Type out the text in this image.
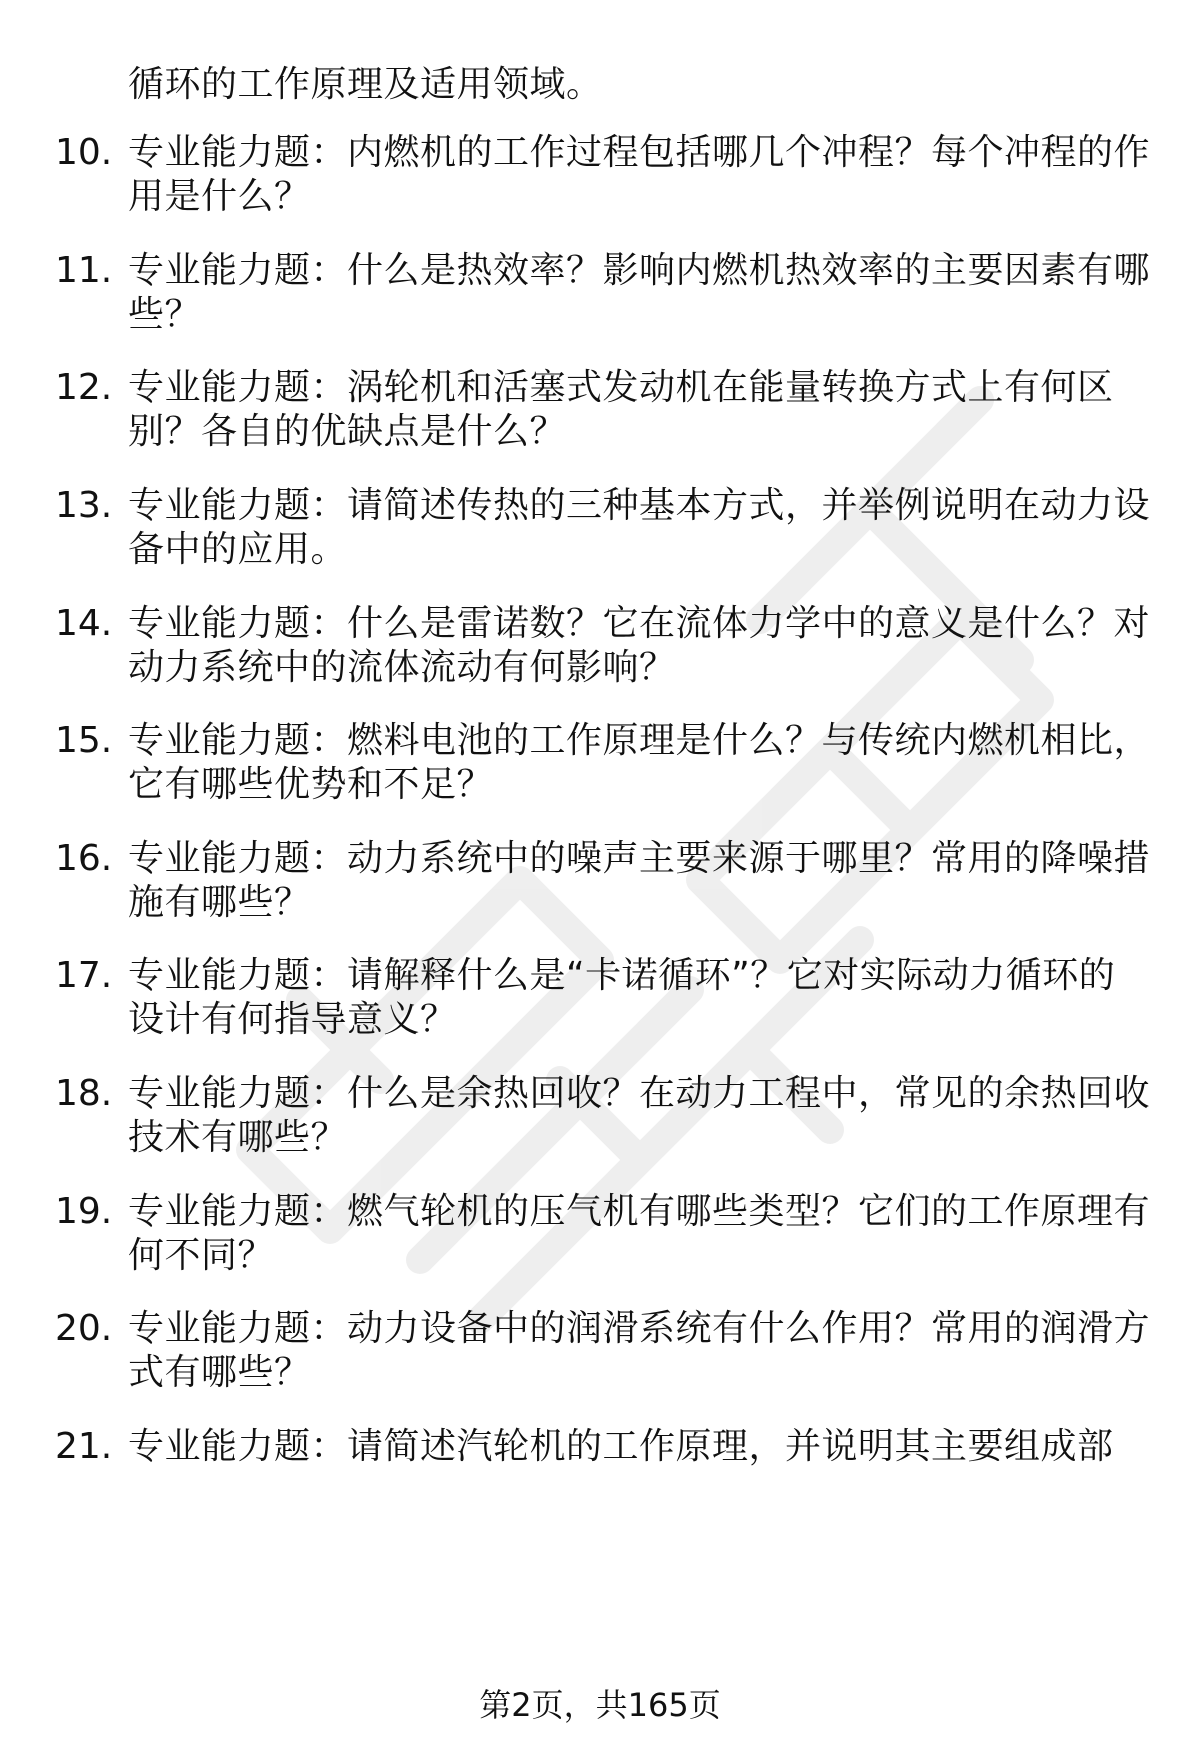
循环的工作原理及适用领域。
10. 专业能力题：内燃机的工作过程包括哪几个冲程？每个冲程的作
用是什么？
11. 专业能力题：什么是热效率？影响内燃机热效率的主要因素有哪
些？
12. 专业能力题：涡轮机和活塞式发动机在能量转换方式上有何区
别？各自的优缺点是什么？
13. 专业能力题：请简述传热的三种基本方式，并举例说明在动力设
备中的应用。
14. 专业能力题：什么是雷诺数？它在流体力学中的意义是什么？对
动力系统中的流体流动有何影响？
15. 专业能力题：燃料电池的工作原理是什么？与传统内燃机相比，
它有哪些优势和不足？
16. 专业能力题：动力系统中的噪声主要来源于哪里？常用的降噪措
施有哪些？
17. 专业能力题：请解释什么是“卡诺循环”？它对实际动力循环的
设计有何指导意义？
18. 专业能力题：什么是余热回收？在动力工程中，常见的余热回收
技术有哪些？
19. 专业能力题：燃气轮机的压气机有哪些类型？它们的工作原理有
何不同？
20. 专业能力题：动力设备中的润滑系统有什么作用？常用的润滑方
式有哪些？
21. 专业能力题：请简述汽轮机的工作原理，并说明其主要组成部
第2页，共165页
